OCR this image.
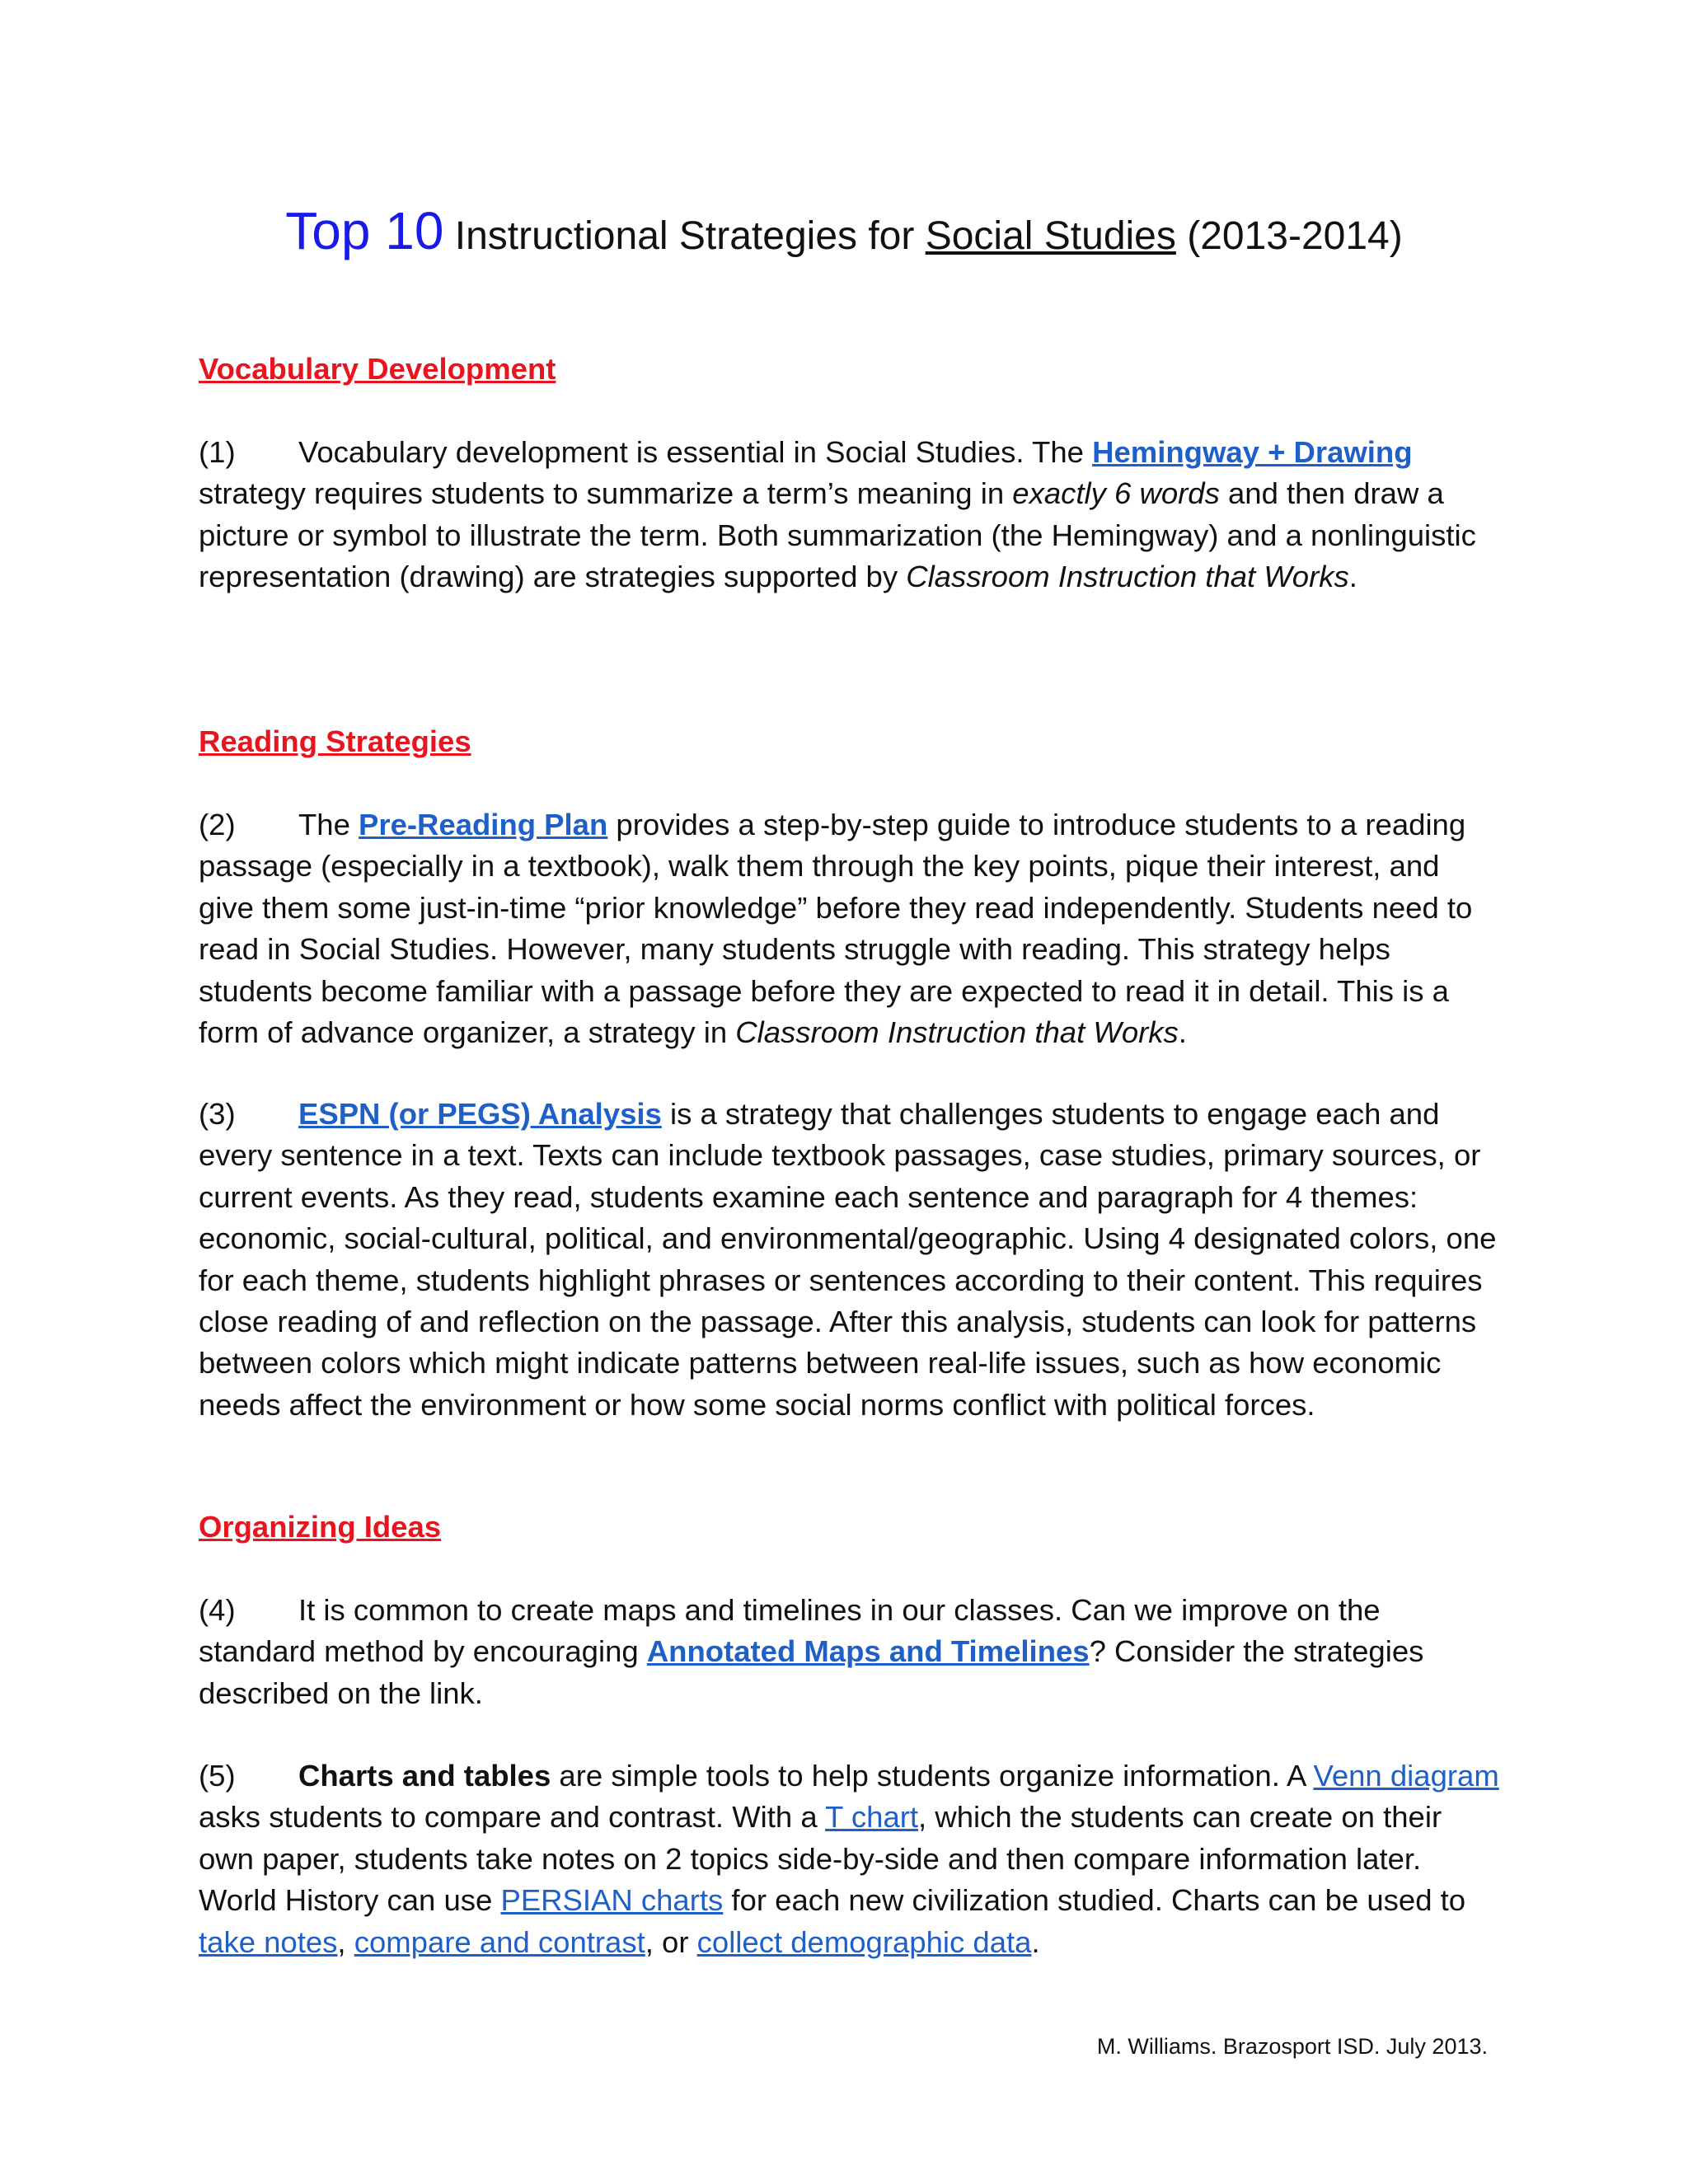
Top 10 Instructional Strategies for Social Studies (2013-2014)
Vocabulary Development

(1) Vocabulary development is essential in Social Studies. The Hemingway + Drawing strategy requires students to summarize a term’s meaning in exactly 6 words and then draw a picture or symbol to illustrate the term. Both summarization (the Hemingway) and a nonlinguistic representation (drawing) are strategies supported by Classroom Instruction that Works.

Reading Strategies

(2) The Pre-Reading Plan provides a step-by-step guide to introduce students to a reading passage (especially in a textbook), walk them through the key points, pique their interest, and give them some just-in-time “prior knowledge” before they read independently. Students need to read in Social Studies. However, many students struggle with reading. This strategy helps students become familiar with a passage before they are expected to read it in detail. This is a form of advance organizer, a strategy in Classroom Instruction that Works.

(3) ESPN (or PEGS) Analysis is a strategy that challenges students to engage each and every sentence in a text. Texts can include textbook passages, case studies, primary sources, or current events. As they read, students examine each sentence and paragraph for 4 themes: economic, social-cultural, political, and environmental/geographic. Using 4 designated colors, one for each theme, students highlight phrases or sentences according to their content. This requires close reading of and reflection on the passage. After this analysis, students can look for patterns between colors which might indicate patterns between real-life issues, such as how economic needs affect the environment or how some social norms conflict with political forces.

Organizing Ideas

(4) It is common to create maps and timelines in our classes. Can we improve on the standard method by encouraging Annotated Maps and Timelines? Consider the strategies described on the link.

(5) Charts and tables are simple tools to help students organize information. A Venn diagram asks students to compare and contrast. With a T chart, which the students can create on their own paper, students take notes on 2 topics side-by-side and then compare information later. World History can use PERSIAN charts for each new civilization studied. Charts can be used to take notes, compare and contrast, or collect demographic data.

M. Williams. Brazosport ISD. July 2013.
